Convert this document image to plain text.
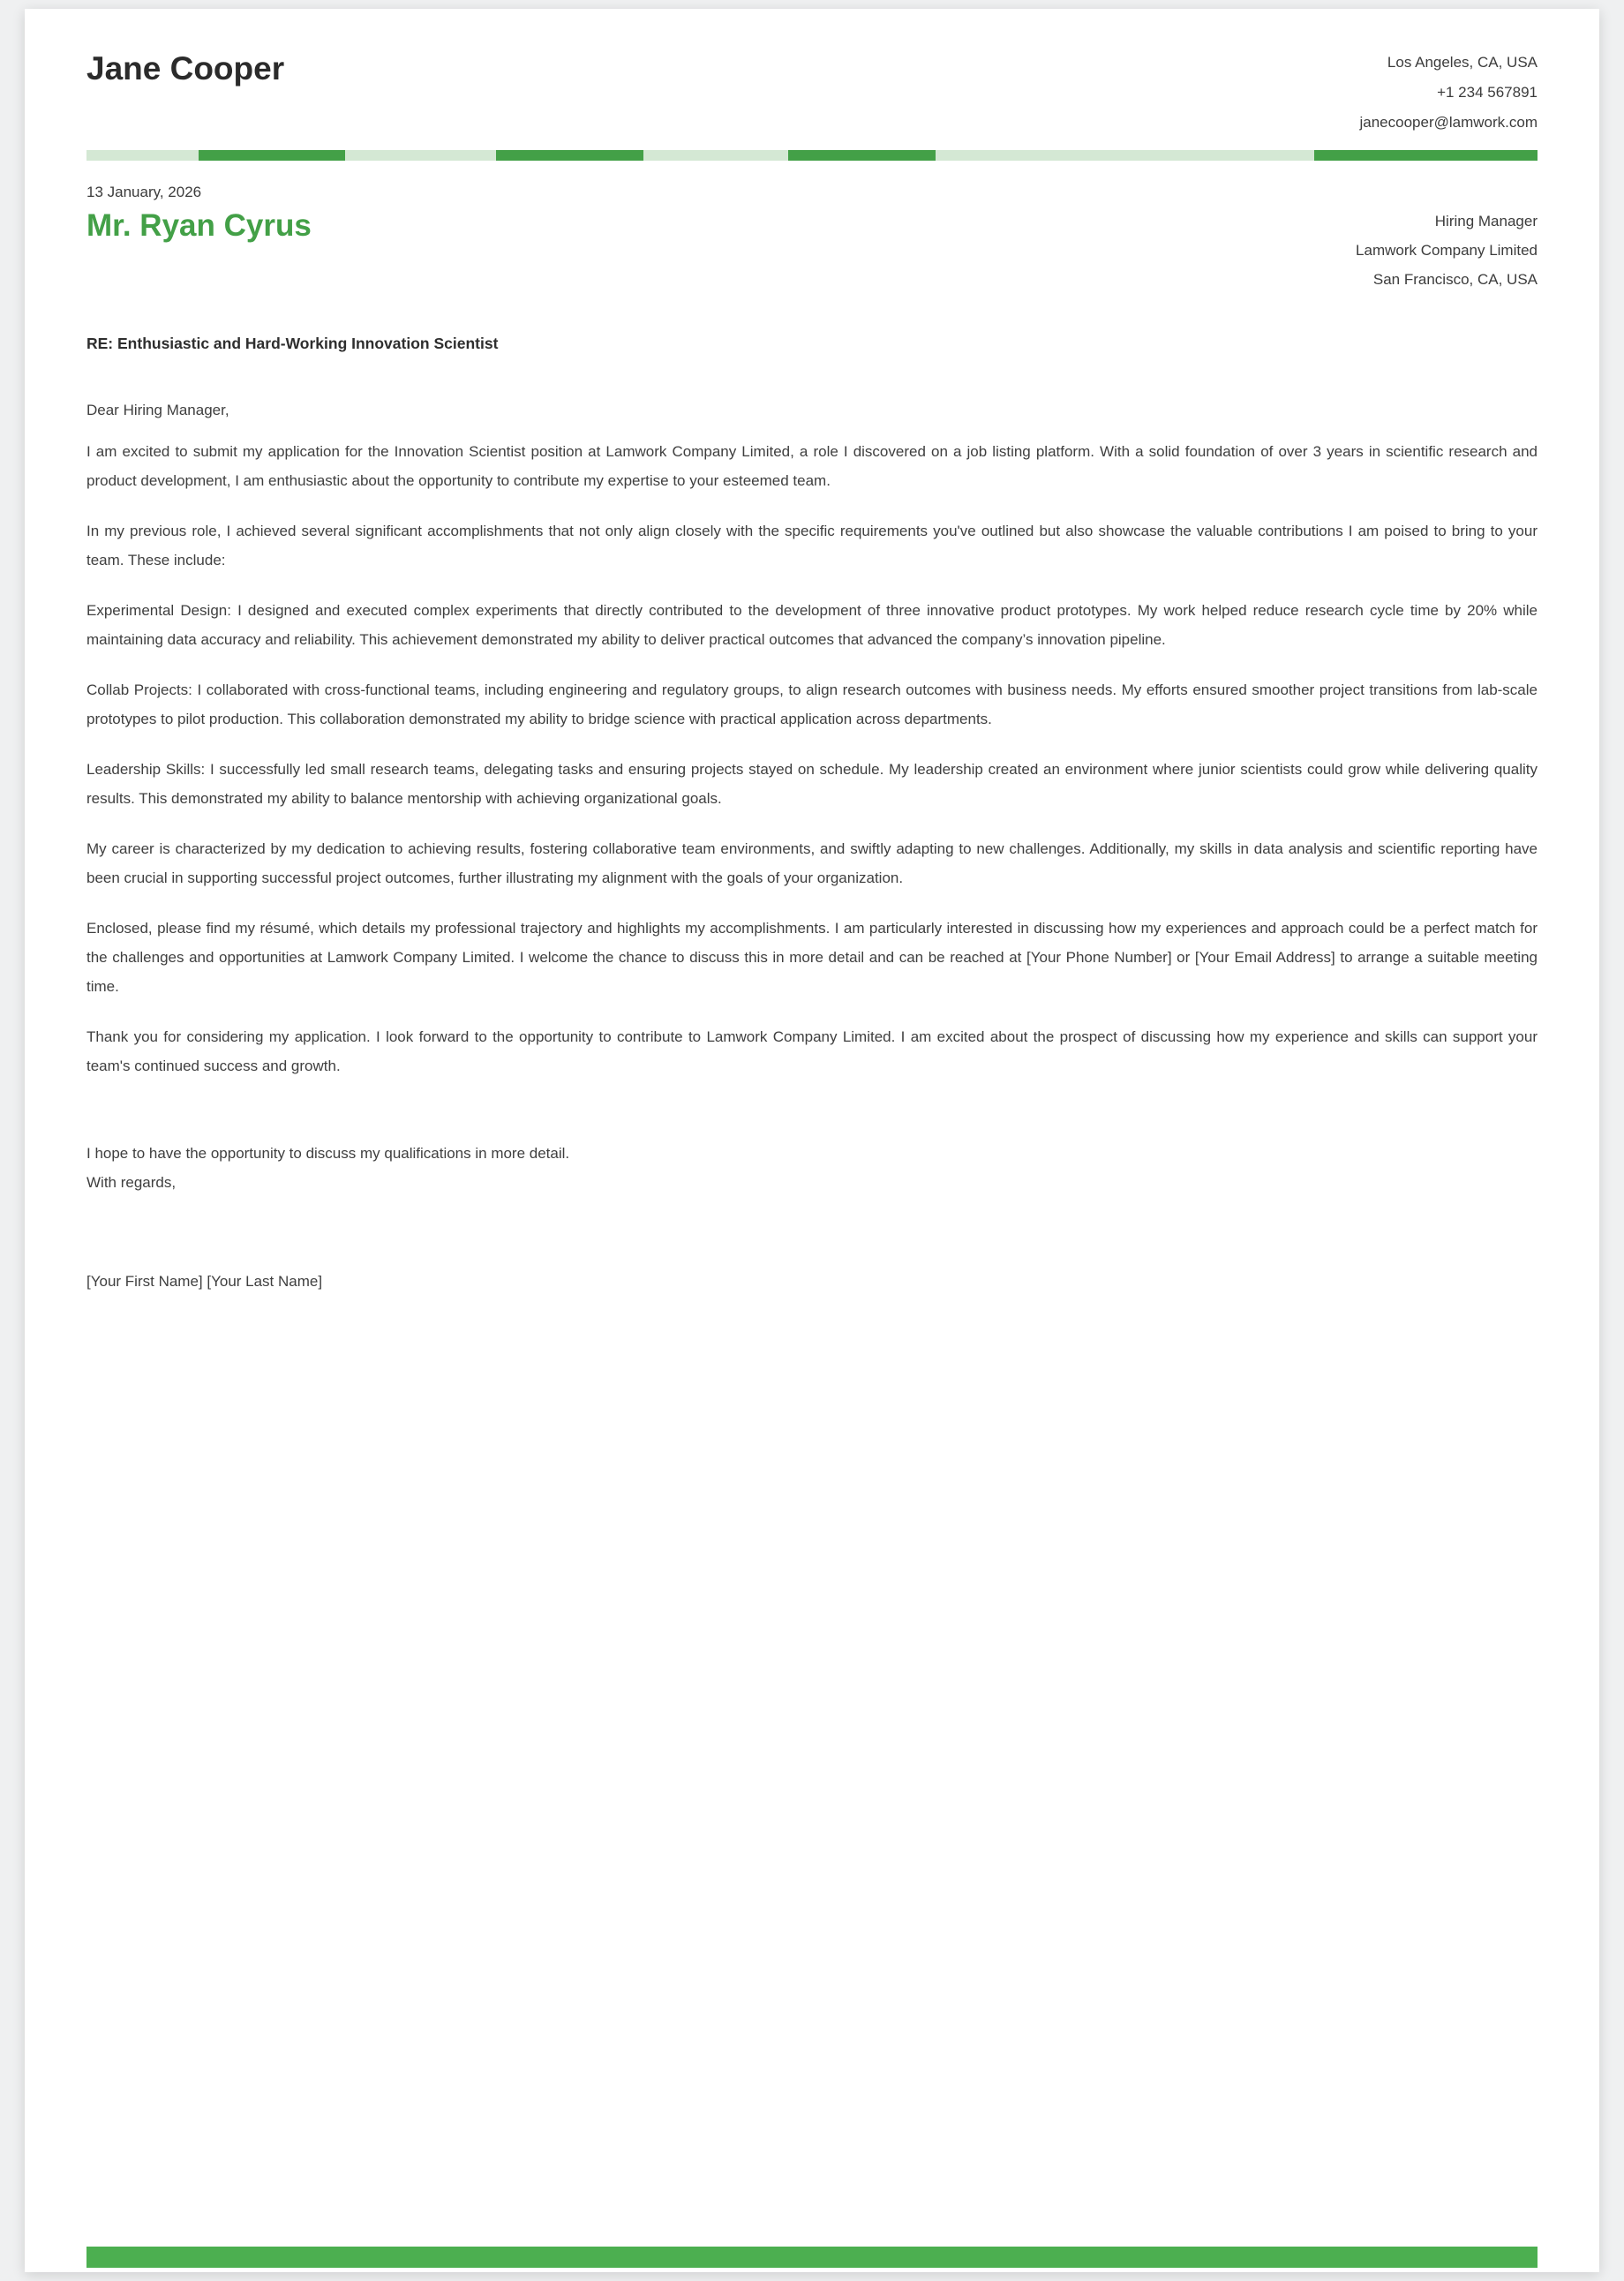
Jane Cooper	Los Angeles, CA, USA
+1 234 567891
janecooper@lamwork.com
13 January, 2026
Mr. Ryan Cyrus	Hiring Manager
Lamwork Company Limited
San Francisco, CA, USA
RE: Enthusiastic and Hard-Working Innovation Scientist

Dear Hiring Manager,

I am excited to submit my application for the Innovation Scientist position at Lamwork Company Limited, a role I discovered on a job listing platform. With a solid foundation of over 3 years in scientific research and product development, I am enthusiastic about the opportunity to contribute my expertise to your esteemed team.

In my previous role, I achieved several significant accomplishments that not only align closely with the specific requirements you've outlined but also showcase the valuable contributions I am poised to bring to your team. These include:

Experimental Design: I designed and executed complex experiments that directly contributed to the development of three innovative product prototypes. My work helped reduce research cycle time by 20% while maintaining data accuracy and reliability. This achievement demonstrated my ability to deliver practical outcomes that advanced the company’s innovation pipeline.

Collab Projects: I collaborated with cross-functional teams, including engineering and regulatory groups, to align research outcomes with business needs. My efforts ensured smoother project transitions from lab-scale prototypes to pilot production. This collaboration demonstrated my ability to bridge science with practical application across departments.

Leadership Skills: I successfully led small research teams, delegating tasks and ensuring projects stayed on schedule. My leadership created an environment where junior scientists could grow while delivering quality results. This demonstrated my ability to balance mentorship with achieving organizational goals.

My career is characterized by my dedication to achieving results, fostering collaborative team environments, and swiftly adapting to new challenges. Additionally, my skills in data analysis and scientific reporting have been crucial in supporting successful project outcomes, further illustrating my alignment with the goals of your organization.

Enclosed, please find my résumé, which details my professional trajectory and highlights my accomplishments. I am particularly interested in discussing how my experiences and approach could be a perfect match for the challenges and opportunities at Lamwork Company Limited. I welcome the chance to discuss this in more detail and can be reached at [Your Phone Number] or [Your Email Address] to arrange a suitable meeting time.

Thank you for considering my application. I look forward to the opportunity to contribute to Lamwork Company Limited. I am excited about the prospect of discussing how my experience and skills can support your team's continued success and growth.

I hope to have the opportunity to discuss my qualifications in more detail.
With regards,
[Your First Name] [Your Last Name]
